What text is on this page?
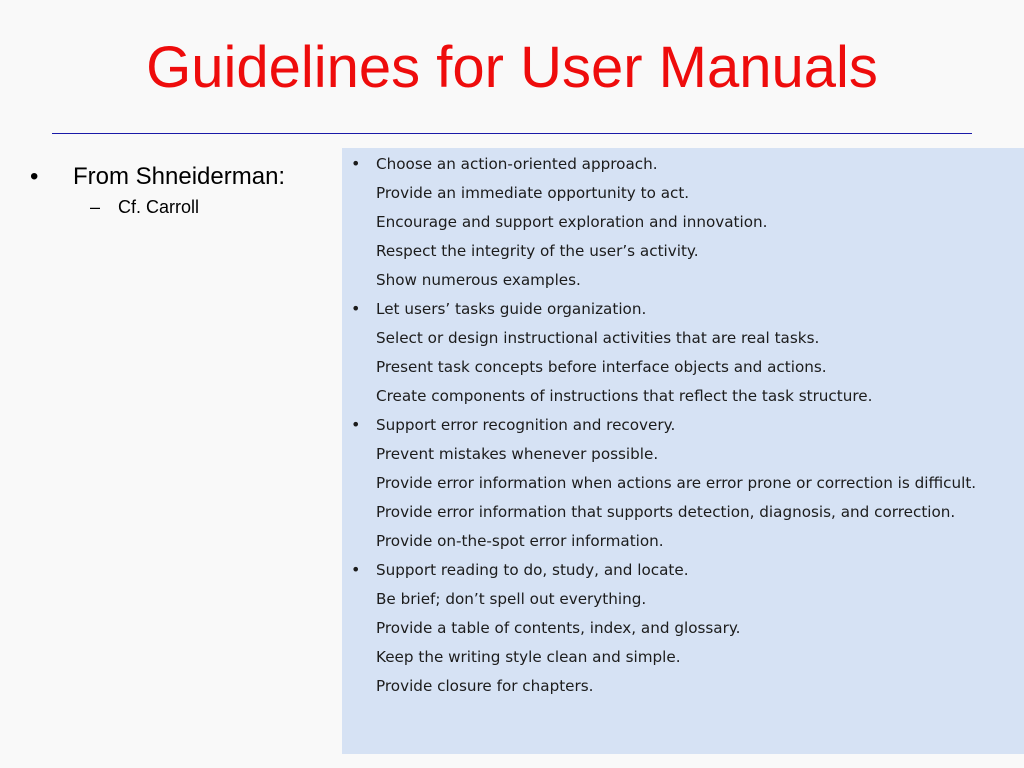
Guidelines for User Manuals
• From Shneiderman:
– Cf. Carroll
• Choose an action-oriented approach.
Provide an immediate opportunity to act.
Encourage and support exploration and innovation.
Respect the integrity of the user’s activity.
Show numerous examples.
• Let users’ tasks guide organization.
Select or design instructional activities that are real tasks.
Present task concepts before interface objects and actions.
Create components of instructions that reflect the task structure.
• Support error recognition and recovery.
Prevent mistakes whenever possible.
Provide error information when actions are error prone or correction is difficult.
Provide error information that supports detection, diagnosis, and correction.
Provide on-the-spot error information.
• Support reading to do, study, and locate.
Be brief; don’t spell out everything.
Provide a table of contents, index, and glossary.
Keep the writing style clean and simple.
Provide closure for chapters.
